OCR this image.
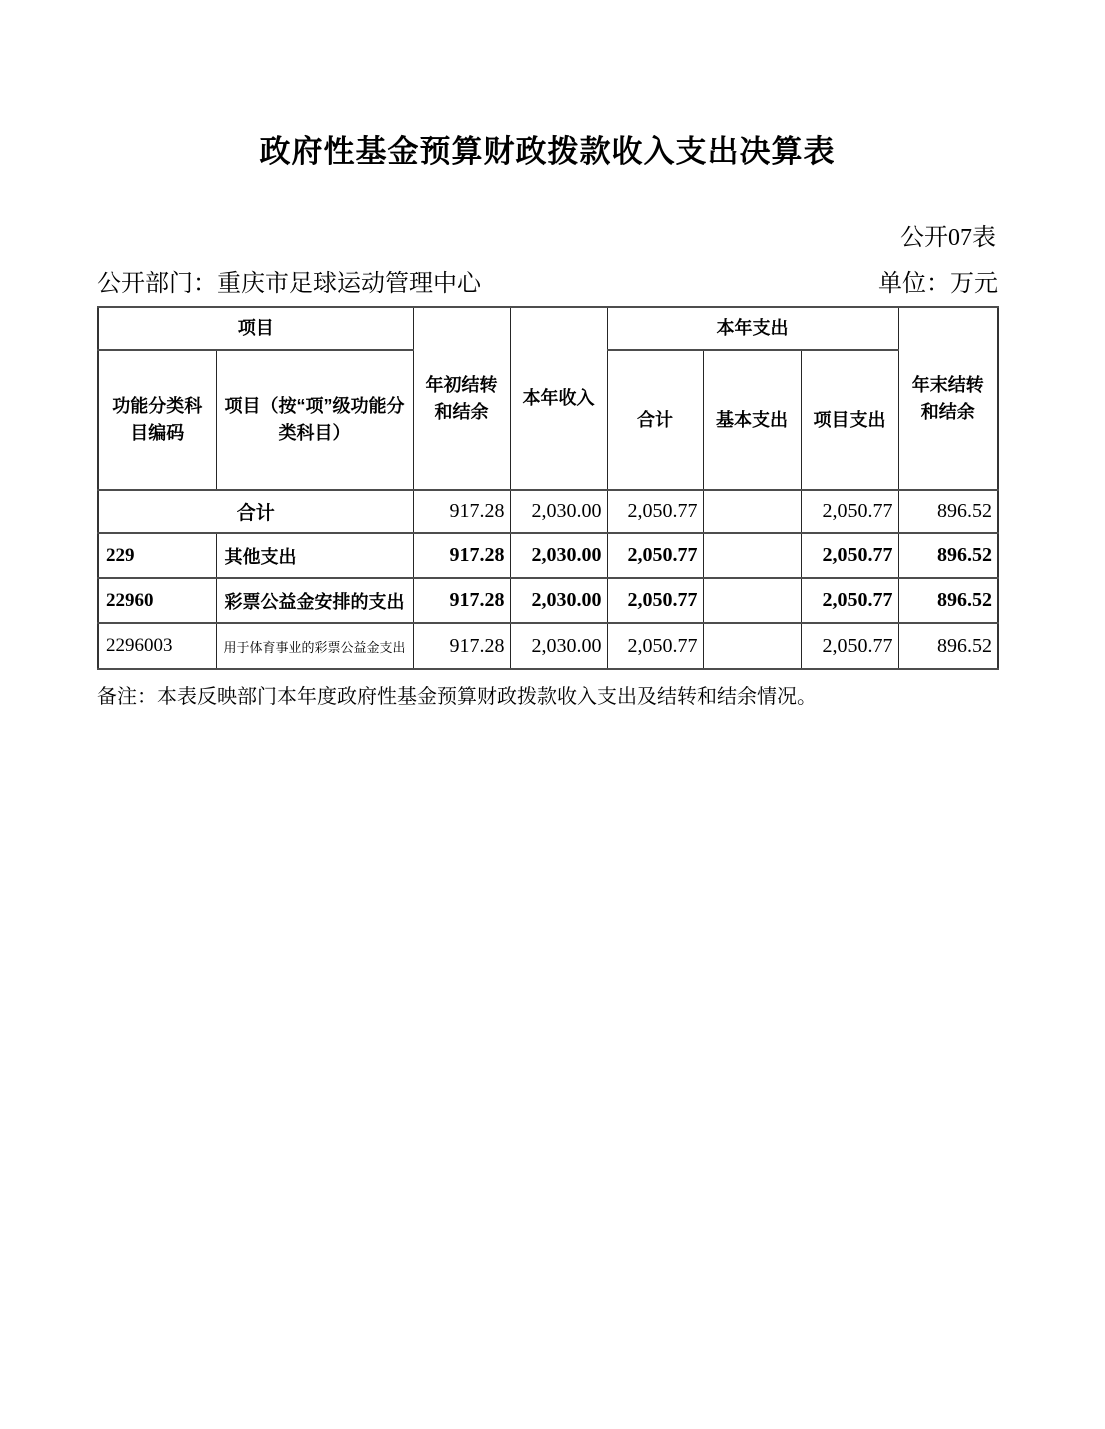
政府性基金预算财政拨款收入支出决算表
公开07表
公开部门：重庆市足球运动管理中心	单位：万元
项目		年初结转和结余	本年收入	本年支出			年末结转和结余
功能分类科目编码	项目（按“项”级功能分类科目）			合计	基本支出	项目支出	
合计		917.28	2,030.00	2,050.77		2,050.77	896.52
229	其他支出	917.28	2,030.00	2,050.77		2,050.77	896.52
22960	彩票公益金安排的支出	917.28	2,030.00	2,050.77		2,050.77	896.52
2296003	用于体育事业的彩票公益金支出	917.28	2,030.00	2,050.77		2,050.77	896.52
备注：本表反映部门本年度政府性基金预算财政拨款收入支出及结转和结余情况。
